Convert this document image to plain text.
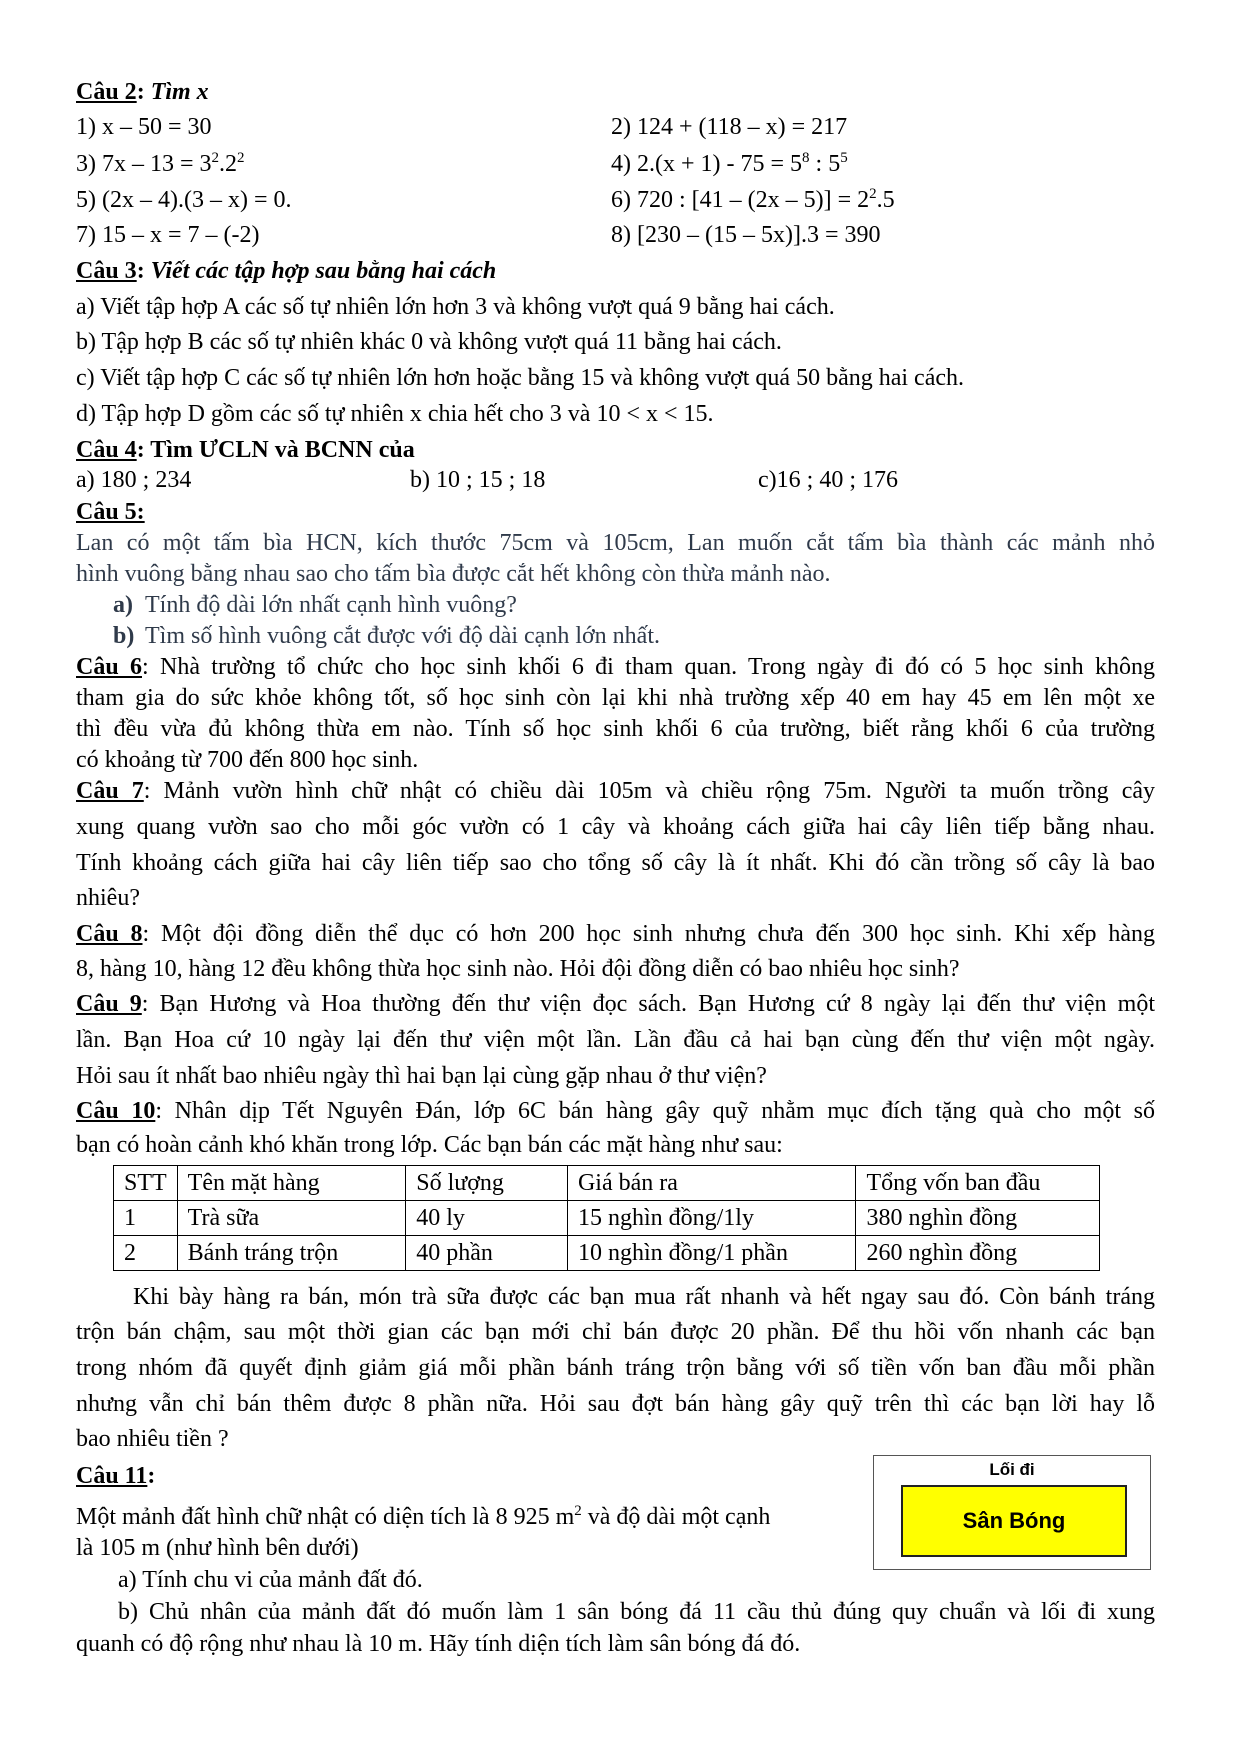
Câu 2: Tìm x
1) x – 50 = 30	2) 124 + (118 – x) = 217
3) $7x - 13 = 3^2.2^2$	4) $2.(x + 1) - 75 = 5^8$ : $5^5$
5) (2x – 4).(3 – x) = 0.	6) 720 : $[41 - (2x - 5)] = 2^2.5$
7) 15 – x = 7 – (-2)	8) [230 – (15 – 5x)].3 = 390
Câu 3: Viết các tập hợp sau bằng hai cách
a) Viết tập hợp A các số tự nhiên lớn hơn 3 và không vượt quá 9 bằng hai cách.
b) Tập hợp B các số tự nhiên khác 0 và không vượt quá 11 bằng hai cách.
c) Viết tập hợp C các số tự nhiên lớn hơn hoặc bằng 15 và không vượt quá 50 bằng hai cách.
d) Tập hợp D gồm các số tự nhiên x chia hết cho 3 và 10 < x < 15.
Câu 4: Tìm ƯCLN và BCNN của
a) 180 ; 234	b) 10 ; 15 ; 18	c)16 ; 40 ; 176
Câu 5:
Lan có một tấm bìa HCN, kích thước 75cm và 105cm, Lan muốn cắt tấm bìa thành các mảnh nhỏ
hình vuông bằng nhau sao cho tấm bìa được cắt hết không còn thừa mảnh nào.
a) Tính độ dài lớn nhất cạnh hình vuông?
b) Tìm số hình vuông cắt được với độ dài cạnh lớn nhất.
Câu 6: Nhà trường tổ chức cho học sinh khối 6 đi tham quan. Trong ngày đi đó có 5 học sinh không
tham gia do sức khỏe không tốt, số học sinh còn lại khi nhà trường xếp 40 em hay 45 em lên một xe
thì đều vừa đủ không thừa em nào. Tính số học sinh khối 6 của trường, biết rằng khối 6 của trường
có khoảng từ 700 đến 800 học sinh.
Câu 7: Mảnh vườn hình chữ nhật có chiều dài 105m và chiều rộng 75m. Người ta muốn trồng cây
xung quang vườn sao cho mỗi góc vườn có 1 cây và khoảng cách giữa hai cây liên tiếp bằng nhau.
Tính khoảng cách giữa hai cây liên tiếp sao cho tổng số cây là ít nhất. Khi đó cần trồng số cây là bao
nhiêu?
Câu 8: Một đội đồng diễn thể dục có hơn 200 học sinh nhưng chưa đến 300 học sinh. Khi xếp hàng
8, hàng 10, hàng 12 đều không thừa học sinh nào. Hỏi đội đồng diễn có bao nhiêu học sinh?
Câu 9: Bạn Hương và Hoa thường đến thư viện đọc sách. Bạn Hương cứ 8 ngày lại đến thư viện một
lần. Bạn Hoa cứ 10 ngày lại đến thư viện một lần. Lần đầu cả hai bạn cùng đến thư viện một ngày.
Hỏi sau ít nhất bao nhiêu ngày thì hai bạn lại cùng gặp nhau ở thư viện?
Câu 10: Nhân dịp Tết Nguyên Đán, lớp 6C bán hàng gây quỹ nhằm mục đích tặng quà cho một số
bạn có hoàn cảnh khó khăn trong lớp. Các bạn bán các mặt hàng như sau:
STT	Tên mặt hàng	Số lượng	Giá bán ra	Tổng vốn ban đầu
1	Trà sữa	40 ly	15 nghìn đồng/1ly	380 nghìn đồng
2	Bánh tráng trộn	40 phần	10 nghìn đồng/1 phần	260 nghìn đồng
Khi bày hàng ra bán, món trà sữa được các bạn mua rất nhanh và hết ngay sau đó. Còn bánh tráng
trộn bán chậm, sau một thời gian các bạn mới chỉ bán được 20 phần. Để thu hồi vốn nhanh các bạn
trong nhóm đã quyết định giảm giá mỗi phần bánh tráng trộn bằng với số tiền vốn ban đầu mỗi phần
nhưng vẫn chỉ bán thêm được 8 phần nữa. Hỏi sau đợt bán hàng gây quỹ trên thì các bạn lời hay lỗ
bao nhiêu tiền ?
Câu 11:
Một mảnh đất hình chữ nhật có diện tích là 8 925 $m^2$ và độ dài một cạnh
là 105 m (như hình bên dưới)
a) Tính chu vi của mảnh đất đó.
b) Chủ nhân của mảnh đất đó muốn làm 1 sân bóng đá 11 cầu thủ đúng quy chuẩn và lối đi xung
quanh có độ rộng như nhau là 10 m. Hãy tính diện tích làm sân bóng đá đó.
Lối đi
Sân Bóng
